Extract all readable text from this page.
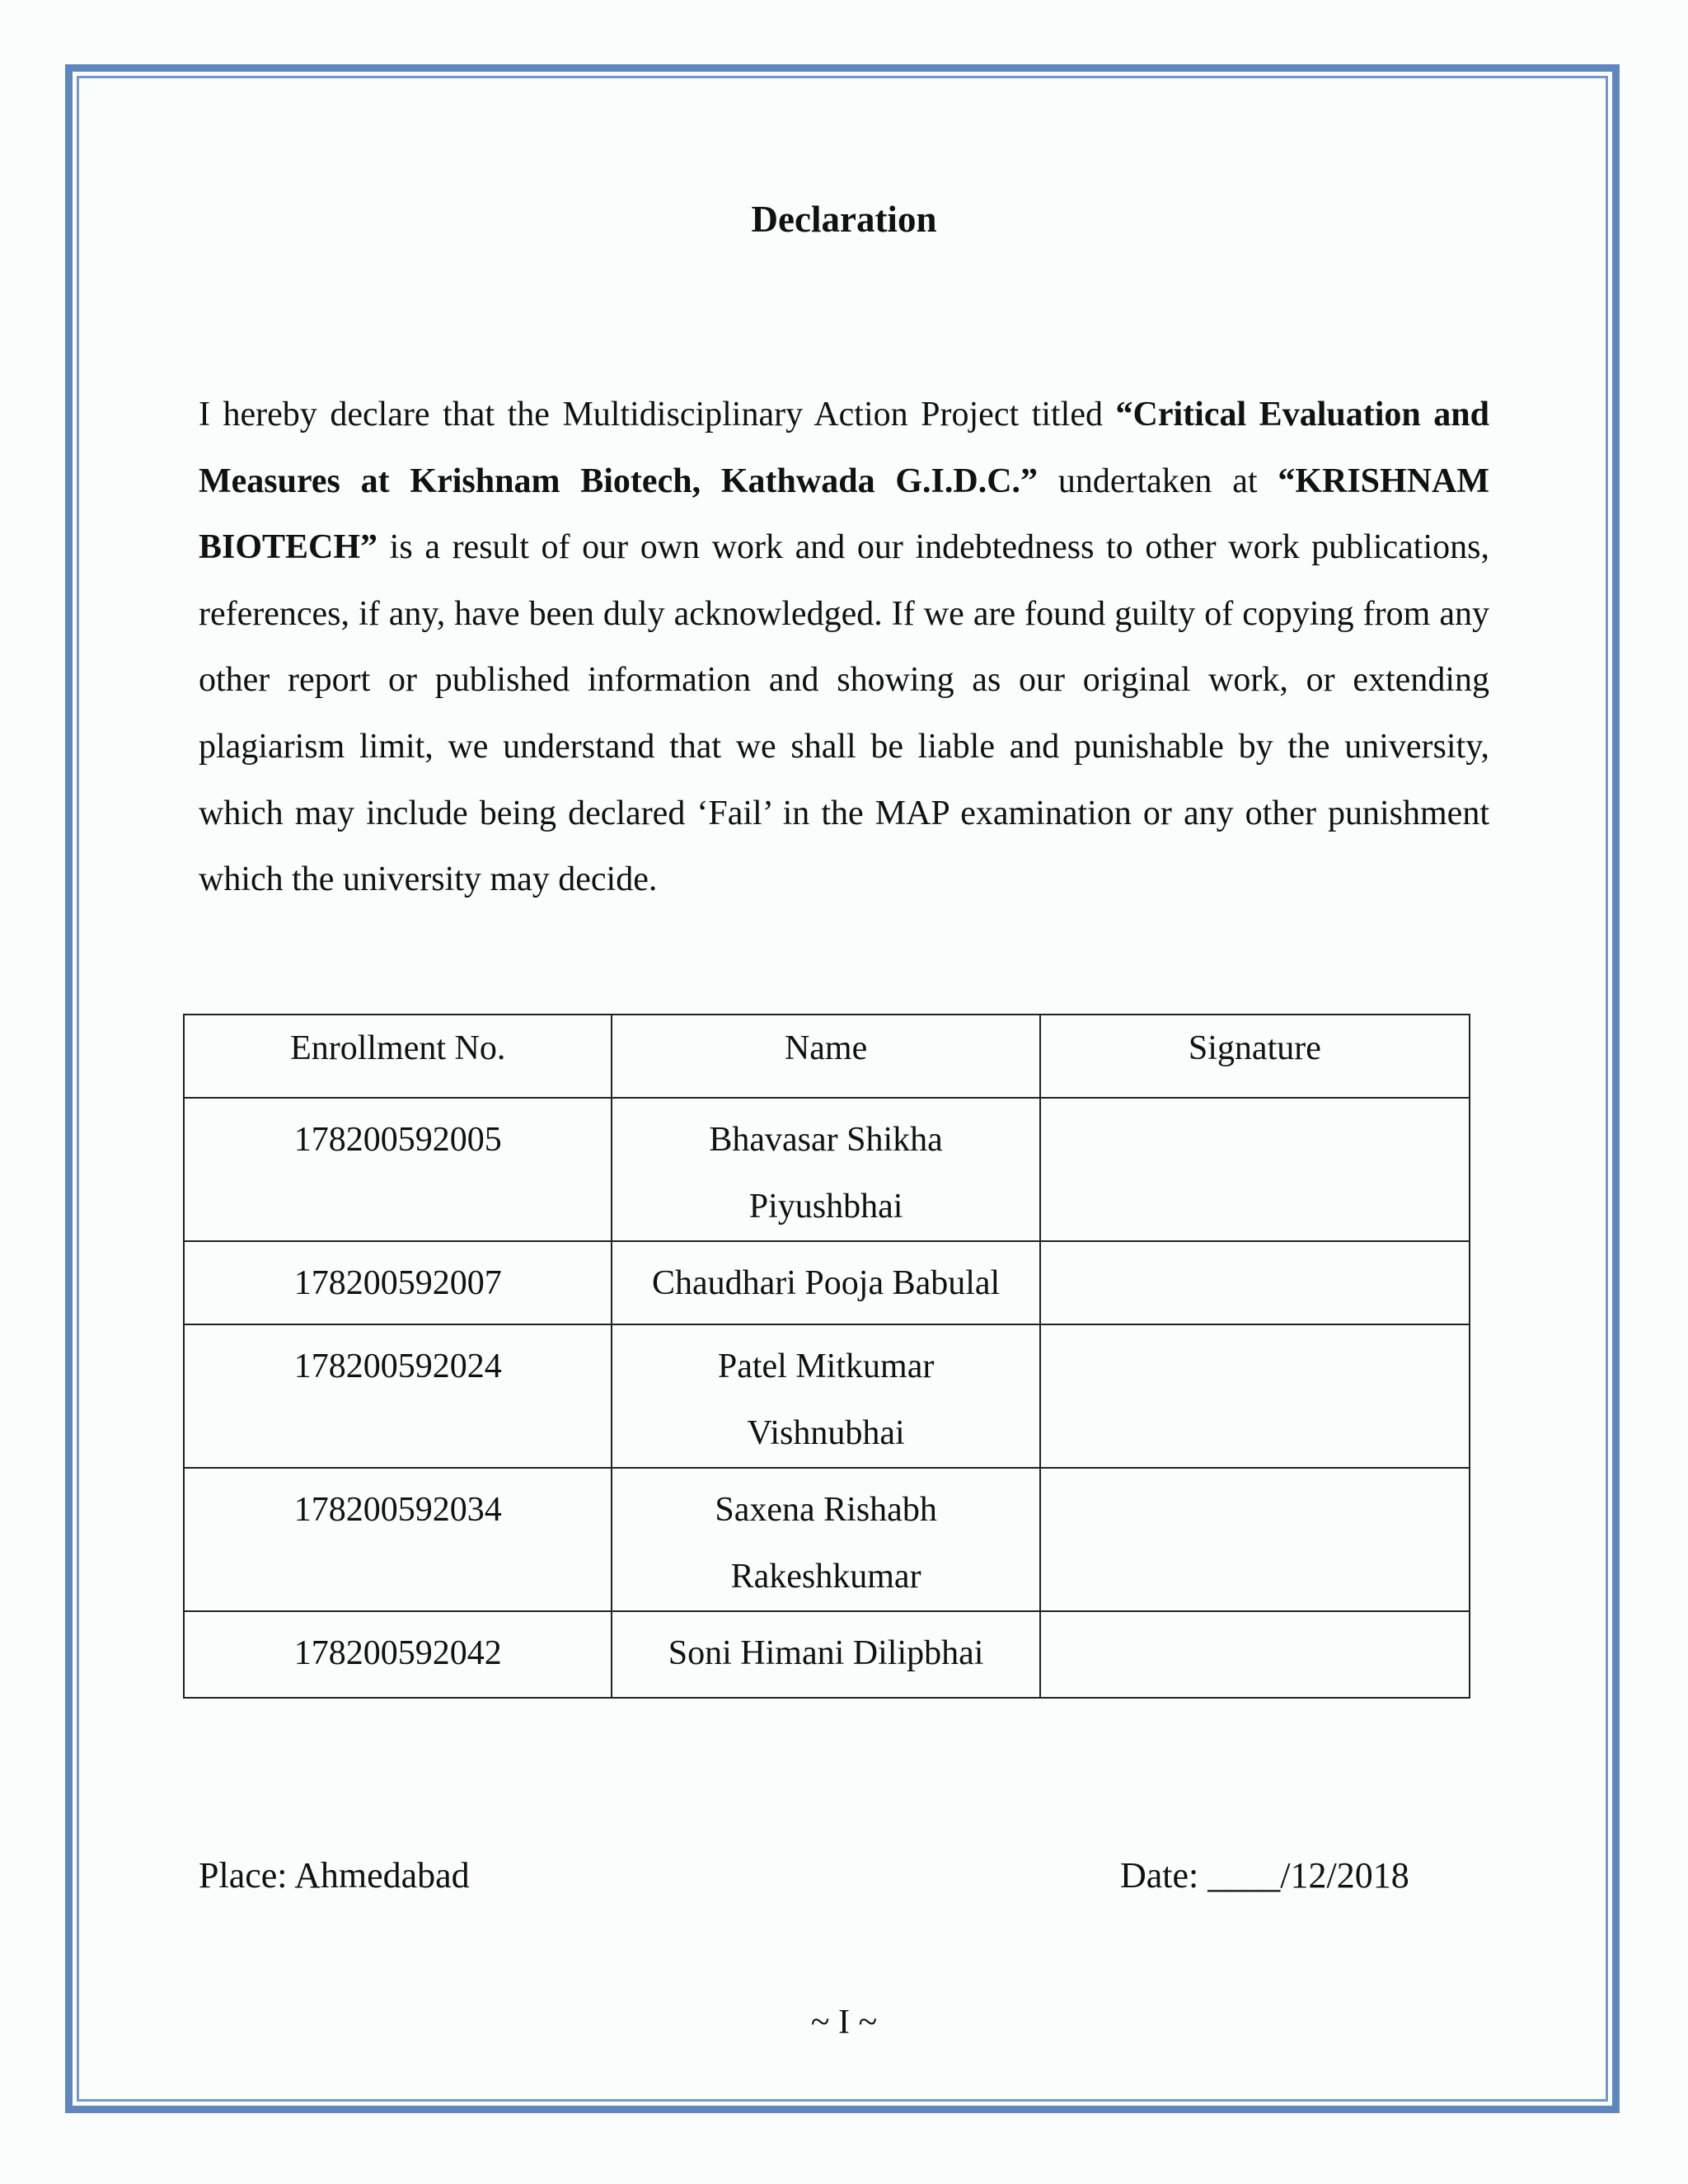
Declaration

I hereby declare that the Multidisciplinary Action Project titled “Critical Evaluation and Measures at Krishnam Biotech, Kathwada G.I.D.C.” undertaken at “KRISHNAM BIOTECH” is a result of our own work and our indebtedness to other work publications, references, if any, have been duly acknowledged. If we are found guilty of copying from any other report or published information and showing as our original work, or extending plagiarism limit, we understand that we shall be liable and punishable by the university, which may include being declared ‘Fail’ in the MAP examination or any other punishment which the university may decide.

Enrollment No.	Name	Signature
178200592005	Bhavasar Shikha
Piyushbhai	

178200592007	Chaudhari Pooja Babulal	

178200592024	Patel Mitkumar
Vishnubhai	

178200592034	Saxena Rishabh
Rakeshkumar	

178200592042	Soni Himani Dilipbhai	

Place: Ahmedabad	Date: ____/12/2018
~ I ~
